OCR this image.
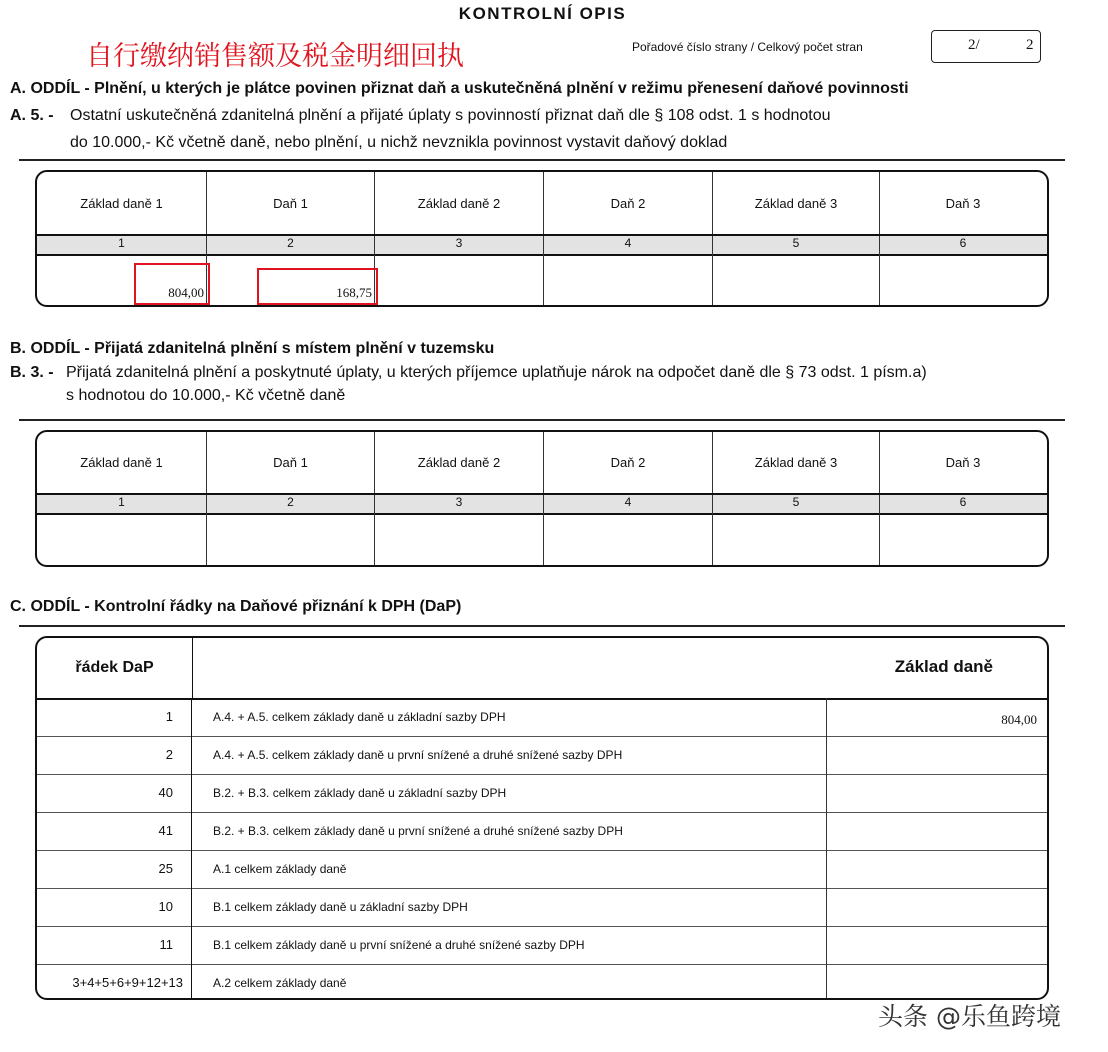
KONTROLNÍ OPIS
自行缴纳销售额及税金明细回执	Pořadové číslo strany / Celkový počet stran	2/	2
A. ODDÍL - Plnění, u kterých je plátce povinen přiznat daň a uskutečněná plnění v režimu přenesení daňové povinnosti
A. 5. - Ostatní uskutečněná zdanitelná plnění a přijaté úplaty s povinností přiznat daň dle § 108 odst. 1 s hodnotou
do 10.000,- Kč včetně daně, nebo plnění, u nichž nevznikla povinnost vystavit daňový doklad
Základ daně 1	Daň 1	Základ daně 2	Daň 2	Základ daně 3	Daň 3
1	2	3	4	5	6
804,00	168,75
B. ODDÍL - Přijatá zdanitelná plnění s místem plnění v tuzemsku
B. 3. - Přijatá zdanitelná plnění a poskytnuté úplaty, u kterých příjemce uplatňuje nárok na odpočet daně dle § 73 odst. 1 písm.a)
s hodnotou do 10.000,- Kč včetně daně
Základ daně 1	Daň 1	Základ daně 2	Daň 2	Základ daně 3	Daň 3
1	2	3	4	5	6
C. ODDÍL - Kontrolní řádky na Daňové přiznání k DPH (DaP)
řádek DaP	Základ daně
1	A.4. + A.5. celkem základy daně u základní sazby DPH	804,00
2	A.4. + A.5. celkem základy daně u první snížené a druhé snížené sazby DPH
40	B.2. + B.3. celkem základy daně u základní sazby DPH
41	B.2. + B.3. celkem základy daně u první snížené a druhé snížené sazby DPH
25	A.1 celkem základy daně
10	B.1 celkem základy daně u základní sazby DPH
11	B.1 celkem základy daně u první snížené a druhé snížené sazby DPH
3+4+5+6+9+12+13	A.2 celkem základy daně
头条 @乐鱼跨境
